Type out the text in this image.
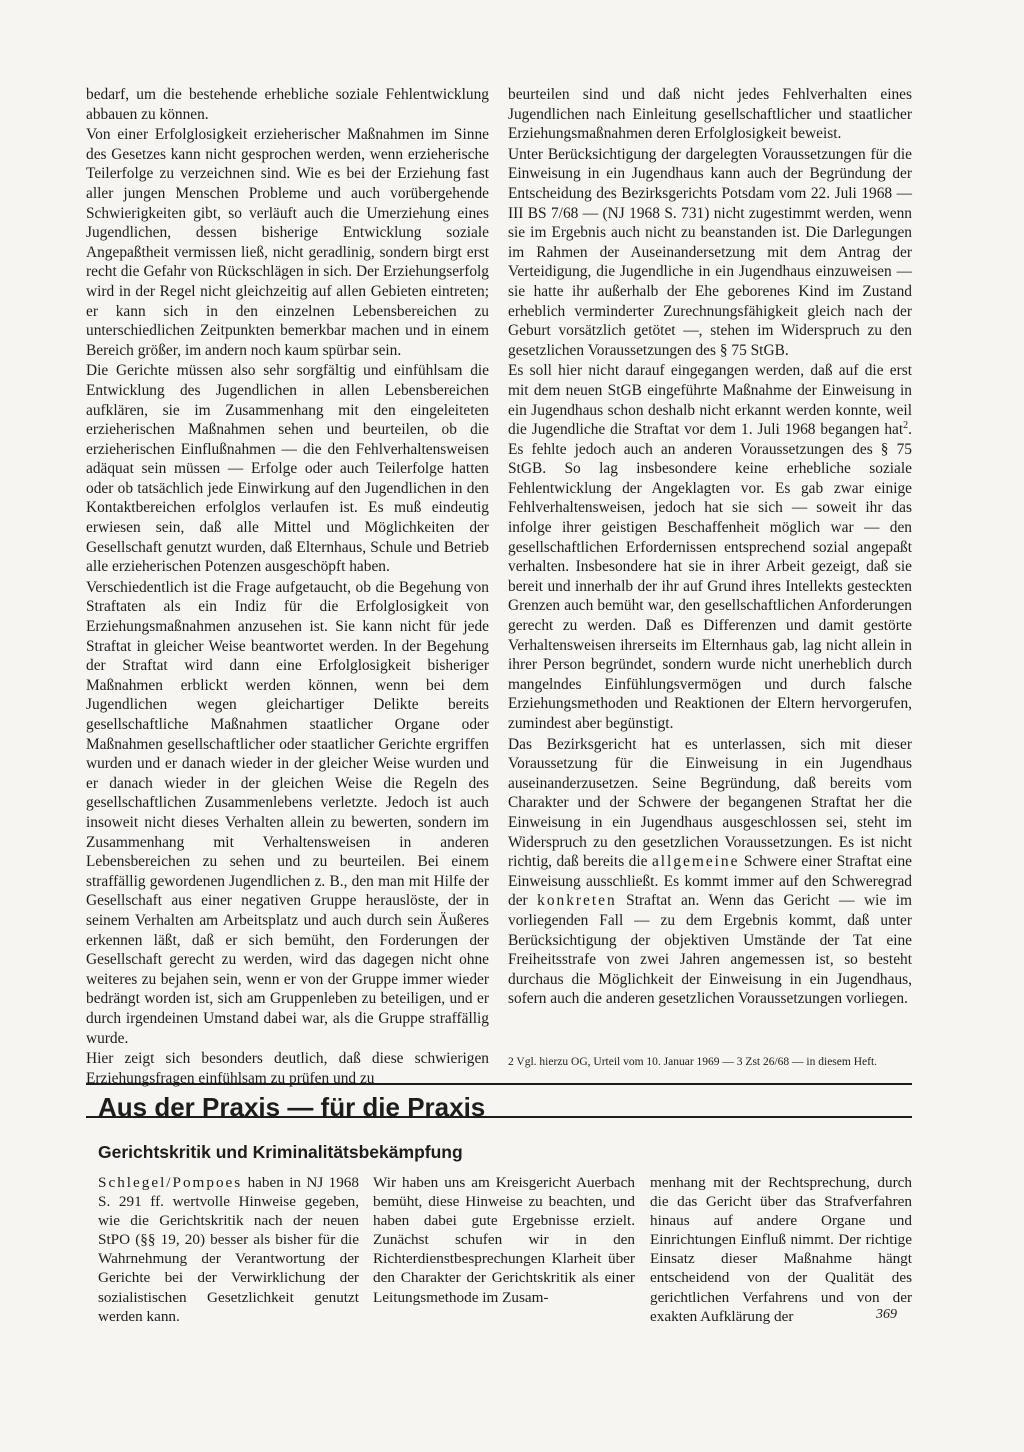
bedarf, um die bestehende erhebliche soziale Fehlentwicklung abbauen zu können.

Von einer Erfolglosigkeit erzieherischer Maßnahmen im Sinne des Gesetzes kann nicht gesprochen werden, wenn erzieherische Teilerfolge zu verzeichnen sind. Wie es bei der Erziehung fast aller jungen Menschen Probleme und auch vorübergehende Schwierigkeiten gibt, so verläuft auch die Umerziehung eines Jugendlichen, dessen bisherige Entwicklung soziale Angepaßtheit vermissen ließ, nicht geradlinig, sondern birgt erst recht die Gefahr von Rückschlägen in sich. Der Erziehungserfolg wird in der Regel nicht gleichzeitig auf allen Gebieten eintreten; er kann sich in den einzelnen Lebensbereichen zu unterschiedlichen Zeitpunkten bemerkbar machen und in einem Bereich größer, im andern noch kaum spürbar sein.

Die Gerichte müssen also sehr sorgfältig und einfühlsam die Entwicklung des Jugendlichen in allen Lebensbereichen aufklären, sie im Zusammenhang mit den eingeleiteten erzieherischen Maßnahmen sehen und beurteilen, ob die erzieherischen Einflußnahmen — die den Fehlverhaltensweisen adäquat sein müssen — Erfolge oder auch Teilerfolge hatten oder ob tatsächlich jede Einwirkung auf den Jugendlichen in den Kontaktbereichen erfolglos verlaufen ist. Es muß eindeutig erwiesen sein, daß alle Mittel und Möglichkeiten der Gesellschaft genutzt wurden, daß Elternhaus, Schule und Betrieb alle erzieherischen Potenzen ausgeschöpft haben.

Verschiedentlich ist die Frage aufgetaucht, ob die Begehung von Straftaten als ein Indiz für die Erfolglosigkeit von Erziehungsmaßnahmen anzusehen ist. Sie kann nicht für jede Straftat in gleicher Weise beantwortet werden. In der Begehung der Straftat wird dann eine Erfolglosigkeit bisheriger Maßnahmen erblickt werden können, wenn bei dem Jugendlichen wegen gleichartiger Delikte bereits gesellschaftliche Maßnahmen staatlicher Organe oder Maßnahmen gesellschaftlicher oder staatlicher Gerichte ergriffen wurden und er danach wieder in der gleicher Weise wurden und er danach wieder in der gleichen Weise die Regeln des gesellschaftlichen Zusammenlebens verletzte. Jedoch ist auch insoweit nicht dieses Verhalten allein zu bewerten, sondern im Zusammenhang mit Verhaltensweisen in anderen Lebensbereichen zu sehen und zu beurteilen. Bei einem straffällig gewordenen Jugendlichen z. B., den man mit Hilfe der Gesellschaft aus einer negativen Gruppe herauslöste, der in seinem Verhalten am Arbeitsplatz und auch durch sein Äußeres erkennen läßt, daß er sich bemüht, den Forderungen der Gesellschaft gerecht zu werden, wird das dagegen nicht ohne weiteres zu bejahen sein, wenn er von der Gruppe immer wieder bedrängt worden ist, sich am Gruppenleben zu beteiligen, und er durch irgendeinen Umstand dabei war, als die Gruppe straffällig wurde.

Hier zeigt sich besonders deutlich, daß diese schwierigen Erziehungsfragen einfühlsam zu prüfen und zu

beurteilen sind und daß nicht jedes Fehlverhalten eines Jugendlichen nach Einleitung gesellschaftlicher und staatlicher Erziehungsmaßnahmen deren Erfolglosigkeit beweist.

Unter Berücksichtigung der dargelegten Voraussetzungen für die Einweisung in ein Jugendhaus kann auch der Begründung der Entscheidung des Bezirksgerichts Potsdam vom 22. Juli 1968 — III BS 7/68 — (NJ 1968 S. 731) nicht zugestimmt werden, wenn sie im Ergebnis auch nicht zu beanstanden ist. Die Darlegungen im Rahmen der Auseinandersetzung mit dem Antrag der Verteidigung, die Jugendliche in ein Jugendhaus einzuweisen — sie hatte ihr außerhalb der Ehe geborenes Kind im Zustand erheblich verminderter Zurechnungsfähigkeit gleich nach der Geburt vorsätzlich getötet —, stehen im Widerspruch zu den gesetzlichen Voraussetzungen des § 75 StGB.

Es soll hier nicht darauf eingegangen werden, daß auf die erst mit dem neuen StGB eingeführte Maßnahme der Einweisung in ein Jugendhaus schon deshalb nicht erkannt werden konnte, weil die Jugendliche die Straftat vor dem 1. Juli 1968 begangen hat$^2$. Es fehlte jedoch auch an anderen Voraussetzungen des § 75 StGB. So lag insbesondere keine erhebliche soziale Fehlentwicklung der Angeklagten vor. Es gab zwar einige Fehlverhaltensweisen, jedoch hat sie sich — soweit ihr das infolge ihrer geistigen Beschaffenheit möglich war — den gesellschaftlichen Erfordernissen entsprechend sozial angepaßt verhalten. Insbesondere hat sie in ihrer Arbeit gezeigt, daß sie bereit und innerhalb der ihr auf Grund ihres Intellekts gesteckten Grenzen auch bemüht war, den gesellschaftlichen Anforderungen gerecht zu werden. Daß es Differenzen und damit gestörte Verhaltensweisen ihrerseits im Elternhaus gab, lag nicht allein in ihrer Person begründet, sondern wurde nicht unerheblich durch mangelndes Einfühlungsvermögen und durch falsche Erziehungsmethoden und Reaktionen der Eltern hervorgerufen, zumindest aber begünstigt.

Das Bezirksgericht hat es unterlassen, sich mit dieser Voraussetzung für die Einweisung in ein Jugendhaus auseinanderzusetzen. Seine Begründung, daß bereits vom Charakter und der Schwere der begangenen Straftat her die Einweisung in ein Jugendhaus ausgeschlossen sei, steht im Widerspruch zu den gesetzlichen Voraussetzungen. Es ist nicht richtig, daß bereits die allgemeine Schwere einer Straftat eine Einweisung ausschließt. Es kommt immer auf den Schweregrad der konkreten Straftat an. Wenn das Gericht — wie im vorliegenden Fall — zu dem Ergebnis kommt, daß unter Berücksichtigung der objektiven Umstände der Tat eine Freiheitsstrafe von zwei Jahren angemessen ist, so besteht durchaus die Möglichkeit der Einweisung in ein Jugendhaus, sofern auch die anderen gesetzlichen Voraussetzungen vorliegen.

2 Vgl. hierzu OG, Urteil vom 10. Januar 1969 — 3 Zst 26/68 — in diesem Heft.
Aus der Praxis — für die Praxis
Gerichtskritik und Kriminalitätsbekämpfung
Schlegel/Pompoes haben in NJ 1968 S. 291 ff. wertvolle Hinweise gegeben, wie die Gerichtskritik nach der neuen StPO (§§ 19, 20) besser als bisher für die Wahrnehmung der Verantwortung der Gerichte bei der Verwirklichung der sozialistischen Gesetzlichkeit genutzt werden kann.
Wir haben uns am Kreisgericht Auerbach bemüht, diese Hinweise zu beachten, und haben dabei gute Ergebnisse erzielt. Zunächst schufen wir in den Richterdienstbesprechungen Klarheit über den Charakter der Gerichtskritik als einer Leitungsmethode im Zusam-
menhang mit der Rechtsprechung, durch die das Gericht über das Strafverfahren hinaus auf andere Organe und Einrichtungen Einfluß nimmt. Der richtige Einsatz dieser Maßnahme hängt entscheidend von der Qualität des gerichtlichen Verfahrens und von der exakten Aufklärung der	369
